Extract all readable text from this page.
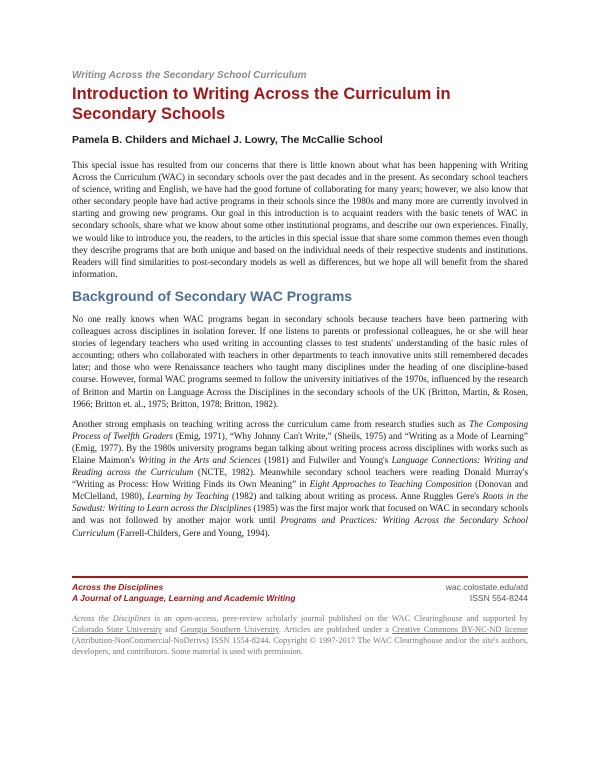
Writing Across the Secondary School Curriculum
Introduction to Writing Across the Curriculum in Secondary Schools
Pamela B. Childers and Michael J. Lowry, The McCallie School

This special issue has resulted from our concerns that there is little known about what has been happening with Writing Across the Curriculum (WAC) in secondary schools over the past decades and in the present. As secondary school teachers of science, writing and English, we have had the good fortune of collaborating for many years; however, we also know that other secondary people have had active programs in their schools since the 1980s and many more are currently involved in starting and growing new programs. Our goal in this introduction is to acquaint readers with the basic tenets of WAC in secondary schools, share what we know about some other institutional programs, and describe our own experiences. Finally, we would like to introduce you, the readers, to the articles in this special issue that share some common themes even though they describe programs that are both unique and based on the individual needs of their respective students and institutions. Readers will find similarities to post-secondary models as well as differences, but we hope all will benefit from the shared information.

Background of Secondary WAC Programs

No one really knows when WAC programs began in secondary schools because teachers have been partnering with colleagues across disciplines in isolation forever. If one listens to parents or professional colleagues, he or she will hear stories of legendary teachers who used writing in accounting classes to test students' understanding of the basic rules of accounting; others who collaborated with teachers in other departments to teach innovative units still remembered decades later; and those who were Renaissance teachers who taught many disciplines under the heading of one discipline-based course. However, formal WAC programs seemed to follow the university initiatives of the 1970s, influenced by the research of Britton and Martin on Language Across the Disciplines in the secondary schools of the UK (Britton, Martin, & Rosen, 1966; Britton et. al., 1975; Britton, 1978; Britton, 1982).

Another strong emphasis on teaching writing across the curriculum came from research studies such as The Composing Process of Twelfth Graders (Emig, 1971), “Why Johnny Can't Write,” (Sheils, 1975) and “Writing as a Mode of Learning” (Emig, 1977). By the 1980s university programs began talking about writing process across disciplines with works such as Elaine Maimon's Writing in the Arts and Sciences (1981) and Fulwiler and Young's Language Connections: Writing and Reading across the Curriculum (NCTE, 1982). Meanwhile secondary school teachers were reading Donald Murray's “Writing as Process: How Writing Finds its Own Meaning” in Eight Approaches to Teaching Composition (Donovan and McClelland, 1980), Learning by Teaching (1982) and talking about writing as process. Anne Ruggles Gere's Roots in the Sawdust: Writing to Learn across the Disciplines (1985) was the first major work that focused on WAC in secondary schools and was not followed by another major work until Programs and Practices: Writing Across the Secondary School Curriculum (Farrell-Childers, Gere and Young, 1994).

Across the Disciplines	wac.colostate.edu/atd
A Journal of Language, Learning and Academic Writing	ISSN 554-8244
Across the Disciplines is an open-access, peer-review scholarly journal published on the WAC Clearinghouse and supported by Colorado State University and Georgia Southern University. Articles are published under a Creative Commons BY-NC-ND license (Attribution-NonCommercial-NoDerivs) ISSN 1554-8244. Copyright © 1997-2017 The WAC Clearinghouse and/or the site's authors, developers, and contributors. Some material is used with permission.
